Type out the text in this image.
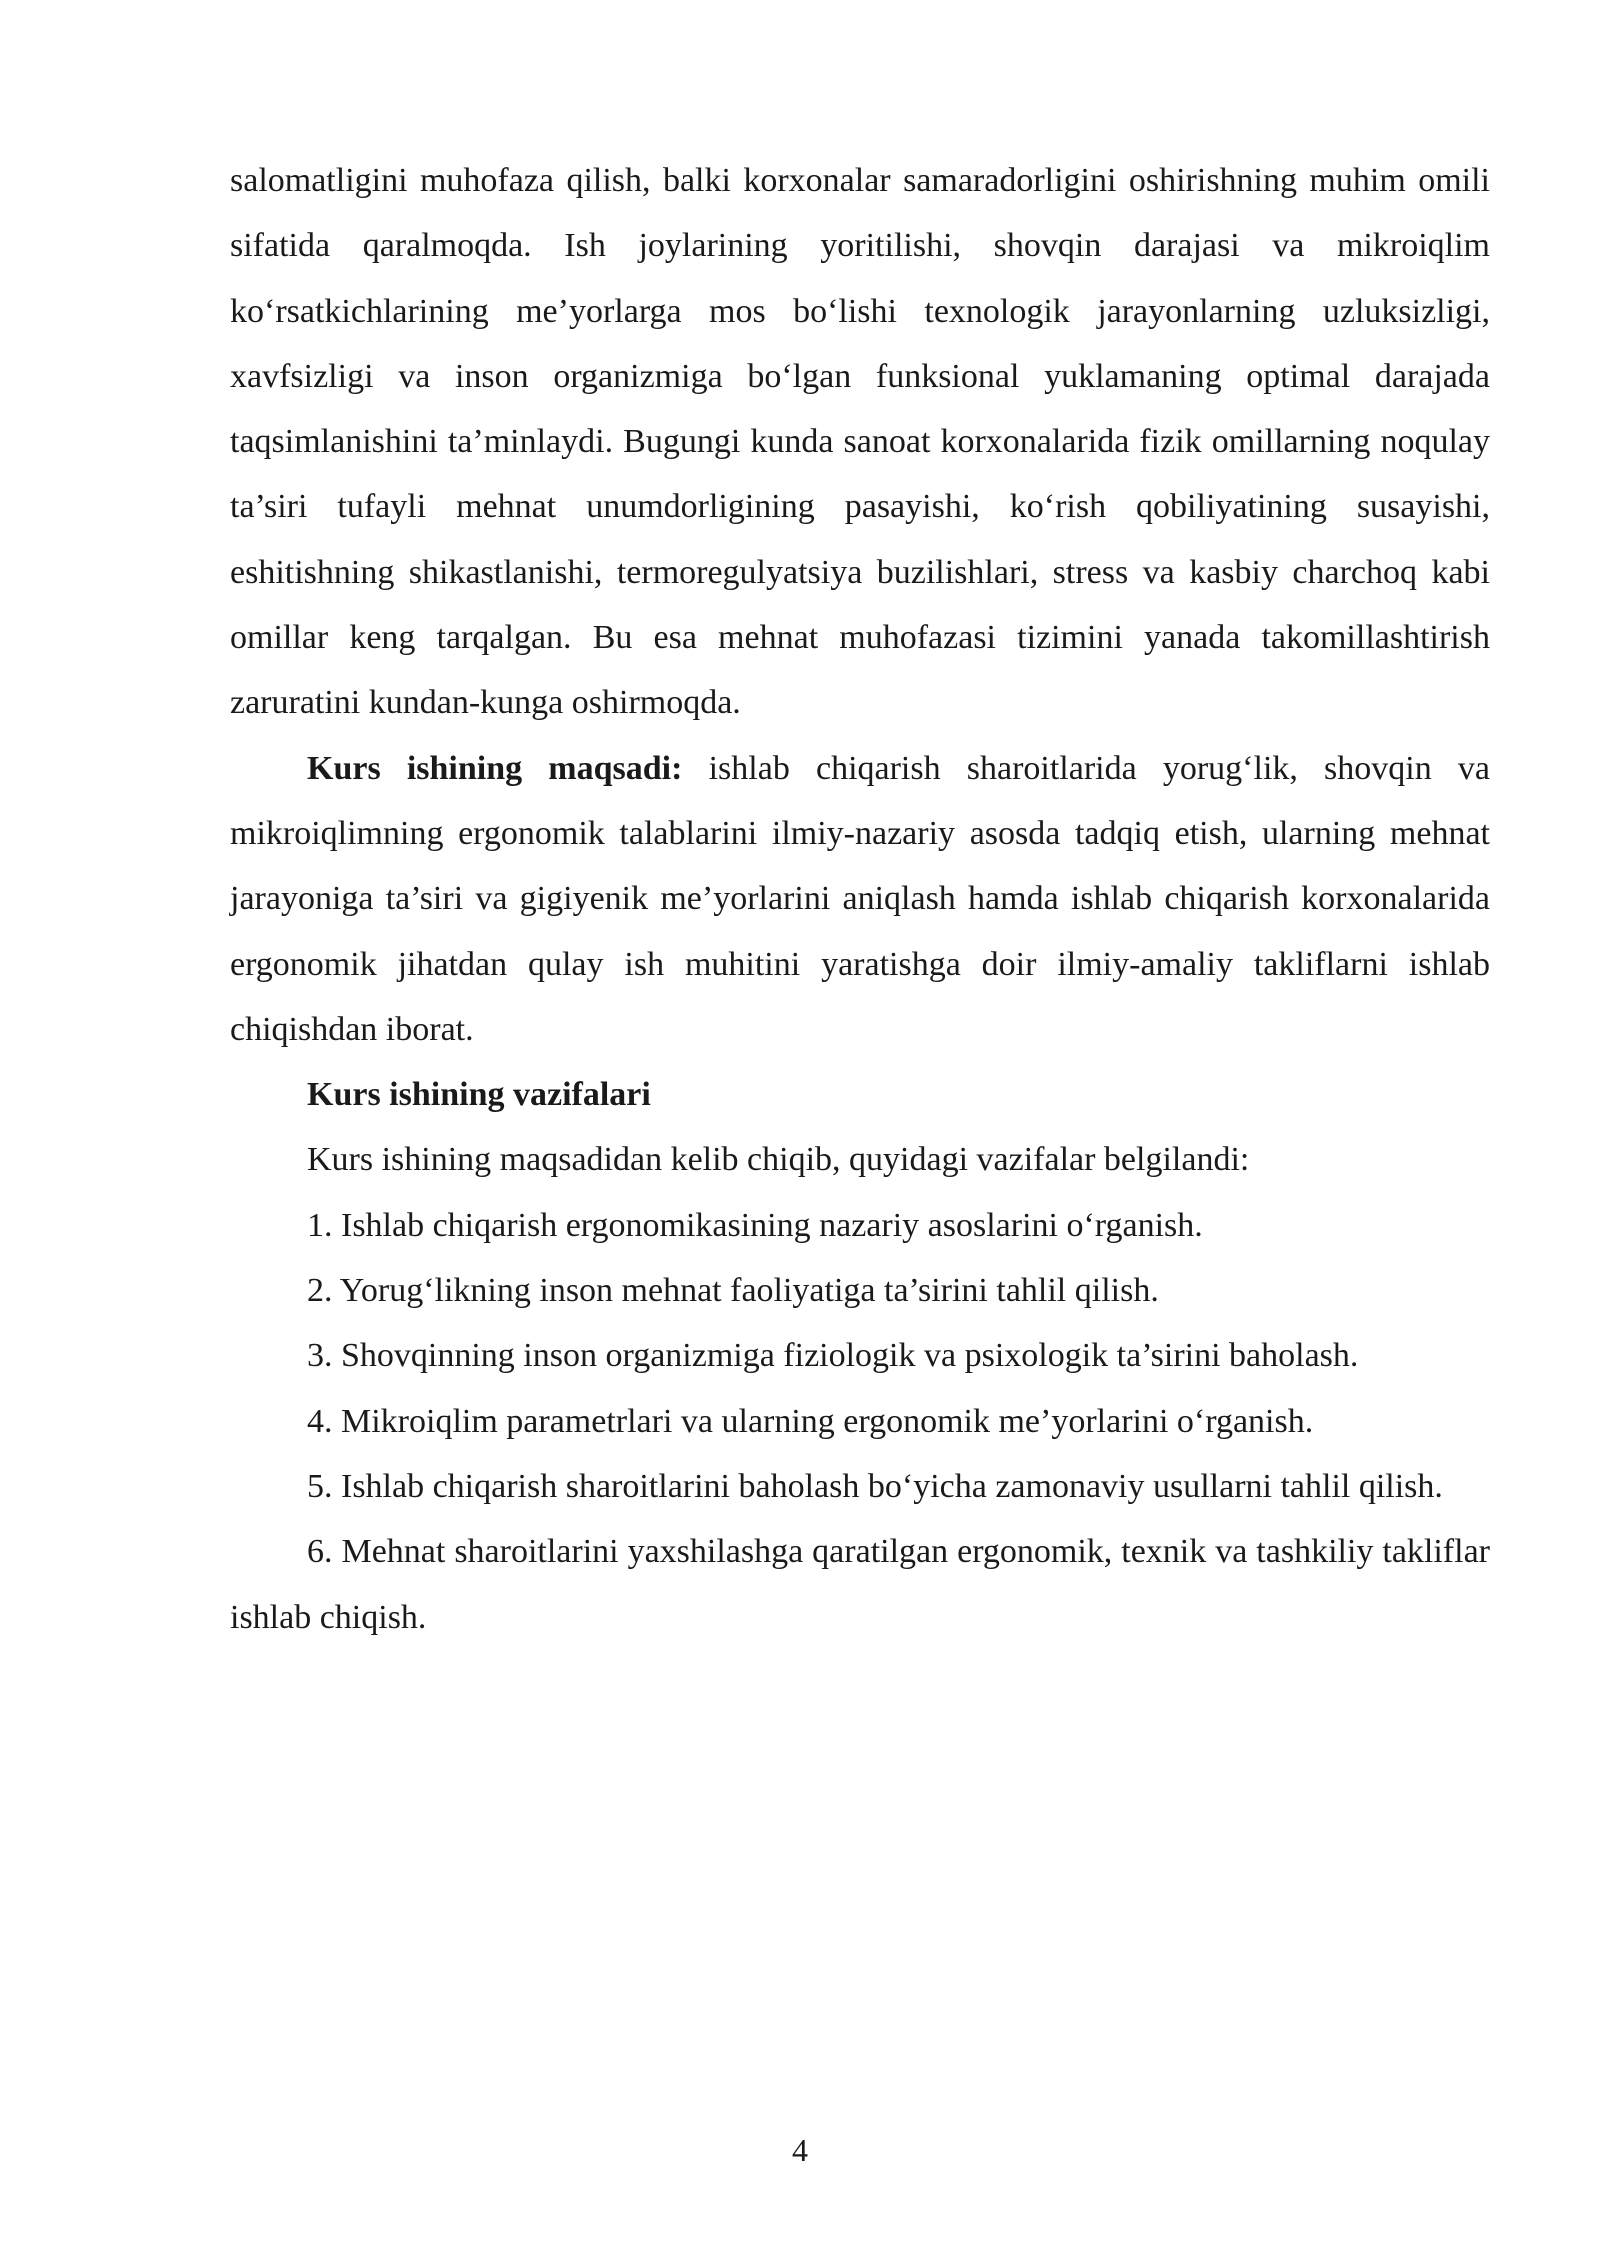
salomatligini muhofaza qilish, balki korxonalar samaradorligini oshirishning muhim omili sifatida qaralmoqda. Ish joylarining yoritilishi, shovqin darajasi va mikroiqlim ko‘rsatkichlarining me’yorlarga mos bo‘lishi texnologik jarayonlarning uzluksizligi, xavfsizligi va inson organizmiga bo‘lgan funksional yuklamaning optimal darajada taqsimlanishini ta’minlaydi. Bugungi kunda sanoat korxonalarida fizik omillarning noqulay ta’siri tufayli mehnat unumdorligining pasayishi, ko‘rish qobiliyatining susayishi, eshitishning shikastlanishi, termoregulyatsiya buzilishlari, stress va kasbiy charchoq kabi omillar keng tarqalgan. Bu esa mehnat muhofazasi tizimini yanada takomillashtirish zaruratini kundan-kunga oshirmoqda.

Kurs ishining maqsadi: ishlab chiqarish sharoitlarida yorug‘lik, shovqin va mikroiqlimning ergonomik talablarini ilmiy-nazariy asosda tadqiq etish, ularning mehnat jarayoniga ta’siri va gigiyenik me’yorlarini aniqlash hamda ishlab chiqarish korxonalarida ergonomik jihatdan qulay ish muhitini yaratishga doir ilmiy-amaliy takliflarni ishlab chiqishdan iborat.

Kurs ishining vazifalari

Kurs ishining maqsadidan kelib chiqib, quyidagi vazifalar belgilandi:

1. Ishlab chiqarish ergonomikasining nazariy asoslarini o‘rganish.

2. Yorug‘likning inson mehnat faoliyatiga ta’sirini tahlil qilish.

3. Shovqinning inson organizmiga fiziologik va psixologik ta’sirini baholash.

4. Mikroiqlim parametrlari va ularning ergonomik me’yorlarini o‘rganish.

5. Ishlab chiqarish sharoitlarini baholash bo‘yicha zamonaviy usullarni tahlil qilish.

6. Mehnat sharoitlarini yaxshilashga qaratilgan ergonomik, texnik va tashkiliy takliflar ishlab chiqish.

4
